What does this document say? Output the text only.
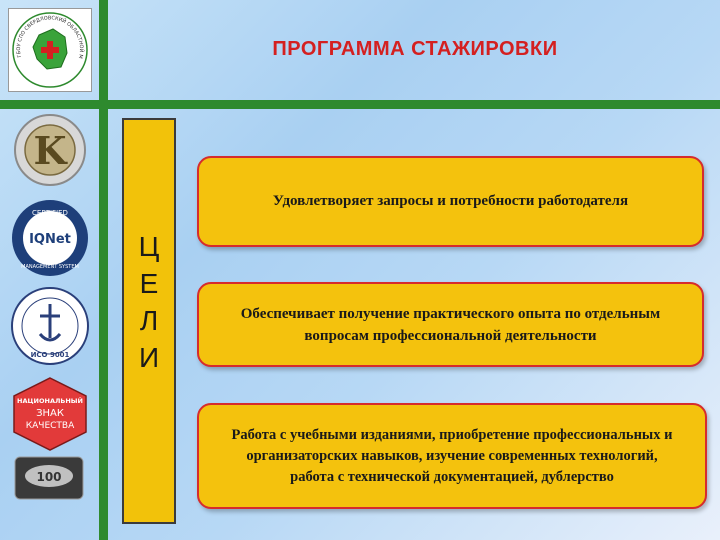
ГБОУ СПО СВЕРДЛОВСКИЙ ОБЛАСТНОЙ М
K
CERTIFIED
IQNet
MANAGEMENT SYSTEM
ИСО 9001
НАЦИОНАЛЬНЫЙ
ЗНАК
КАЧЕСТВА
100
ПРОГРАММА СТАЖИРОВКИ
Ц
Е
Л
И
Удовлетворяет запросы и потребности работодателя
Обеспечивает получение практического опыта по отдельным вопросам профессиональной деятельности
Работа с учебными изданиями, приобретение профессиональных и организаторских навыков, изучение современных технологий, работа с технической документацией, дублерство
